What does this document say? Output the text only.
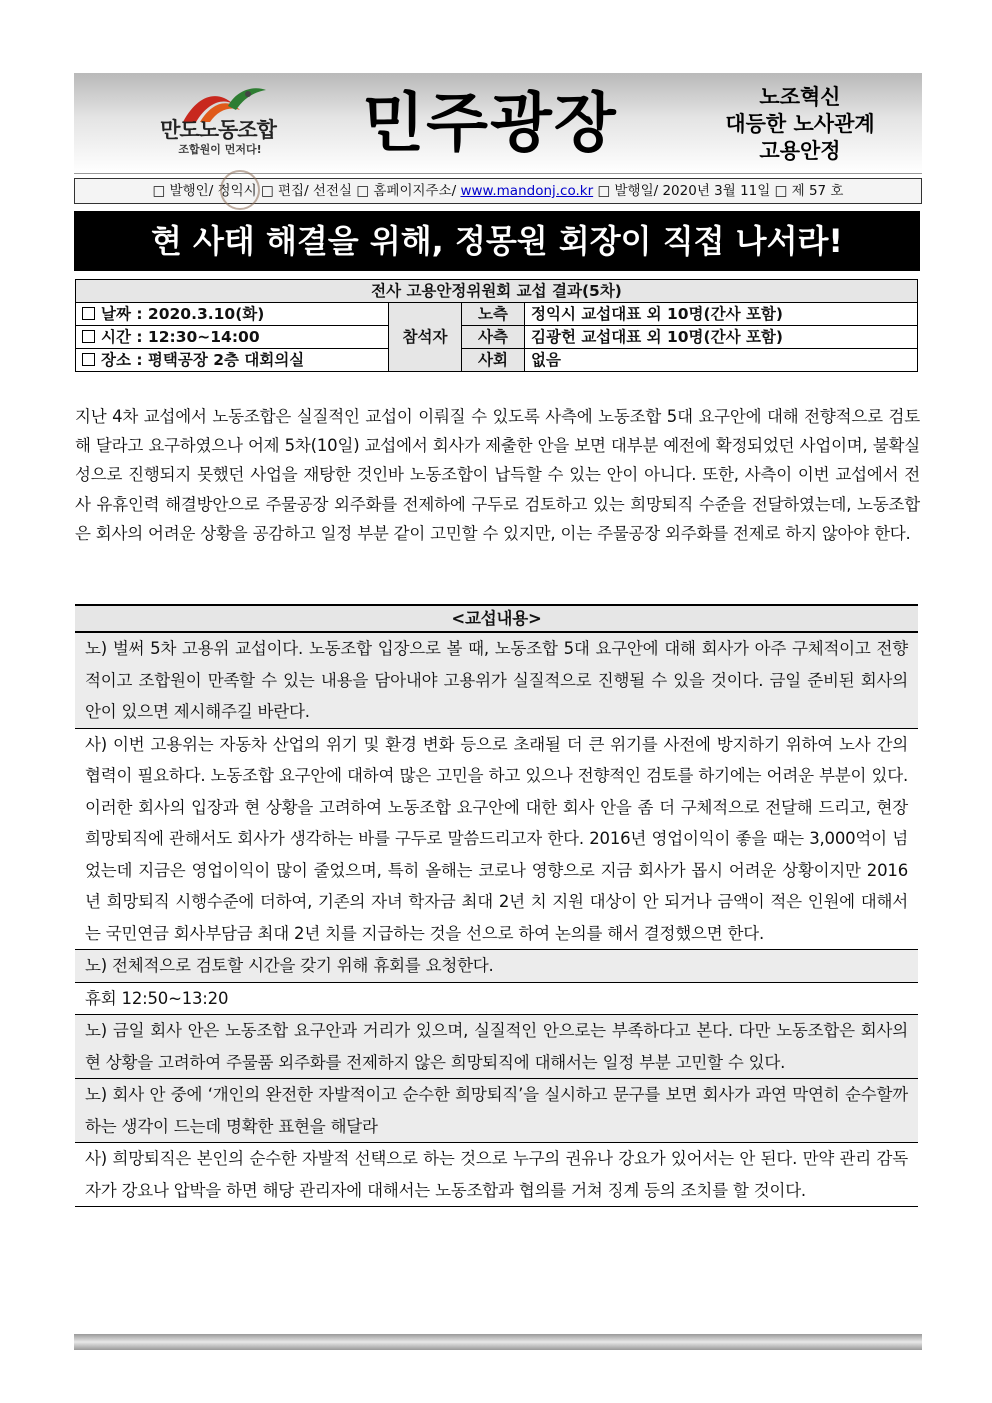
만도노동조합
조합원이 먼저다!	민주광장	노조혁신
대등한 노사관계
고용안정
□ 발행인/ 정익시 □ 편집/ 선전실 □ 홈페이지주소/ www.mandonj.co.kr □ 발행일/ 2020년 3월 11일 □ 제 57 호
현 사태 해결을 위해, 정몽원 회장이 직접 나서라!
전사 고용안정위원회 교섭 결과(5차)			
날짜 : 2020.3.10(화)	참석자	노측	정익시 교섭대표 외 10명(간사 포함)
시간 : 12:30~14:00		사측	김광헌 교섭대표 외 10명(간사 포함)
장소 : 평택공장 2층 대회의실		사회	없음
지난 4차 교섭에서 노동조합은 실질적인 교섭이 이뤄질 수 있도록 사측에 노동조합 5대 요구안에 대해 전향적으로 검토해 달라고 요구하였으나 어제 5차(10일) 교섭에서 회사가 제출한 안을 보면 대부분 예전에 확정되었던 사업이며, 불확실성으로 진행되지 못했던 사업을 재탕한 것인바 노동조합이 납득할 수 있는 안이 아니다. 또한, 사측이 이번 교섭에서 전사 유휴인력 해결방안으로 주물공장 외주화를 전제하에 구두로 검토하고 있는 희망퇴직 수준을 전달하였는데, 노동조합은 회사의 어려운 상황을 공감하고 일정 부분 같이 고민할 수 있지만, 이는 주물공장 외주화를 전제로 하지 않아야 한다.
<교섭내용>
노) 벌써 5차 고용위 교섭이다. 노동조합 입장으로 볼 때, 노동조합 5대 요구안에 대해 회사가 아주 구체적이고 전향적이고 조합원이 만족할 수 있는 내용을 담아내야 고용위가 실질적으로 진행될 수 있을 것이다. 금일 준비된 회사의 안이 있으면 제시해주길 바란다.
사) 이번 고용위는 자동차 산업의 위기 및 환경 변화 등으로 초래될 더 큰 위기를 사전에 방지하기 위하여 노사 간의 협력이 필요하다. 노동조합 요구안에 대하여 많은 고민을 하고 있으나 전향적인 검토를 하기에는 어려운 부분이 있다. 이러한 회사의 입장과 현 상황을 고려하여 노동조합 요구안에 대한 회사 안을 좀 더 구체적으로 전달해 드리고, 현장 희망퇴직에 관해서도 회사가 생각하는 바를 구두로 말씀드리고자 한다. 2016년 영업이익이 좋을 때는 3,000억이 넘었는데 지금은 영업이익이 많이 줄었으며, 특히 올해는 코로나 영향으로 지금 회사가 몹시 어려운 상황이지만 2016년 희망퇴직 시행수준에 더하여, 기존의 자녀 학자금 최대 2년 치 지원 대상이 안 되거나 금액이 적은 인원에 대해서는 국민연금 회사부담금 최대 2년 치를 지급하는 것을 선으로 하여 논의를 해서 결정했으면 한다.
노) 전체적으로 검토할 시간을 갖기 위해 휴회를 요청한다.
휴회 12:50~13:20
노) 금일 회사 안은 노동조합 요구안과 거리가 있으며, 실질적인 안으로는 부족하다고 본다. 다만 노동조합은 회사의 현 상황을 고려하여 주물품 외주화를 전제하지 않은 희망퇴직에 대해서는 일정 부분 고민할 수 있다.
노) 회사 안 중에 ‘개인의 완전한 자발적이고 순수한 희망퇴직’을 실시하고 문구를 보면 회사가 과연 막연히 순수할까 하는 생각이 드는데 명확한 표현을 해달라
사) 희망퇴직은 본인의 순수한 자발적 선택으로 하는 것으로 누구의 권유나 강요가 있어서는 안 된다. 만약 관리 감독자가 강요나 압박을 하면 해당 관리자에 대해서는 노동조합과 협의를 거쳐 징계 등의 조치를 할 것이다.
